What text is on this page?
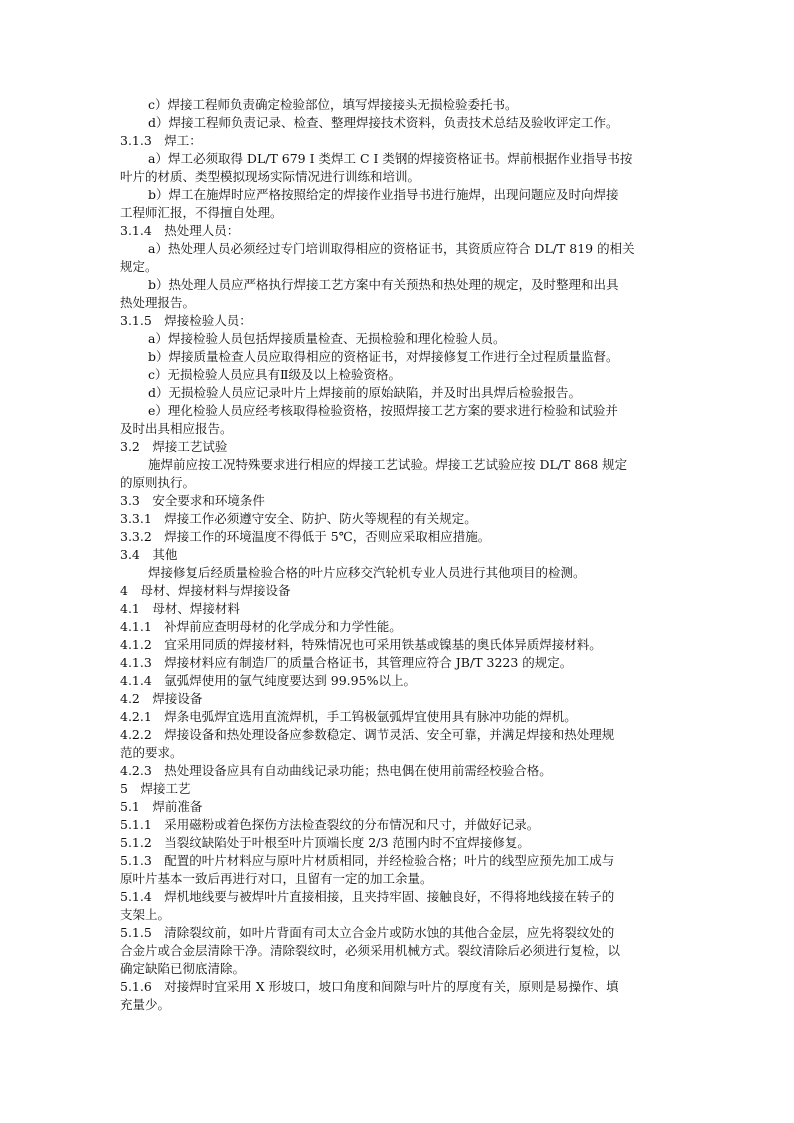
c）焊接工程师负责确定检验部位，填写焊接接头无损检验委托书。
d）焊接工程师负责记录、检查、整理焊接技术资料，负责技术总结及验收评定工作。
3.1.3　焊工：
a）焊工必须取得 DL/T 679 I 类焊工 C I 类钢的焊接资格证书。焊前根据作业指导书按
叶片的材质、类型模拟现场实际情况进行训练和培训。
b）焊工在施焊时应严格按照给定的焊接作业指导书进行施焊，出现问题应及时向焊接
工程师汇报，不得擅自处理。
3.1.4　热处理人员：
a）热处理人员必须经过专门培训取得相应的资格证书，其资质应符合 DL/T 819 的相关
规定。
b）热处理人员应严格执行焊接工艺方案中有关预热和热处理的规定，及时整理和出具
热处理报告。
3.1.5　焊接检验人员：
a）焊接检验人员包括焊接质量检查、无损检验和理化检验人员。
b）焊接质量检查人员应取得相应的资格证书，对焊接修复工作进行全过程质量监督。
c）无损检验人员应具有Ⅱ级及以上检验资格。
d）无损检验人员应记录叶片上焊接前的原始缺陷，并及时出具焊后检验报告。
e）理化检验人员应经考核取得检验资格，按照焊接工艺方案的要求进行检验和试验并
及时出具相应报告。
3.2　焊接工艺试验
施焊前应按工况特殊要求进行相应的焊接工艺试验。焊接工艺试验应按 DL/T 868 规定
的原则执行。
3.3　安全要求和环境条件
3.3.1　焊接工作必须遵守安全、防护、防火等规程的有关规定。
3.3.2　焊接工作的环境温度不得低于 5℃，否则应采取相应措施。
3.4　其他
焊接修复后经质量检验合格的叶片应移交汽轮机专业人员进行其他项目的检测。
4　母材、焊接材料与焊接设备
4.1　母材、焊接材料
4.1.1　补焊前应查明母材的化学成分和力学性能。
4.1.2　宜采用同质的焊接材料，特殊情况也可采用铁基或镍基的奥氏体异质焊接材料。
4.1.3　焊接材料应有制造厂的质量合格证书，其管理应符合 JB/T 3223 的规定。
4.1.4　氩弧焊使用的氩气纯度要达到 99.95%以上。
4.2　焊接设备
4.2.1　焊条电弧焊宜选用直流焊机，手工钨极氩弧焊宜使用具有脉冲功能的焊机。
4.2.2　焊接设备和热处理设备应参数稳定、调节灵活、安全可靠，并满足焊接和热处理规
范的要求。
4.2.3　热处理设备应具有自动曲线记录功能；热电偶在使用前需经校验合格。
5　焊接工艺
5.1　焊前准备
5.1.1　采用磁粉或着色探伤方法检查裂纹的分布情况和尺寸，并做好记录。
5.1.2　当裂纹缺陷处于叶根至叶片顶端长度 2/3 范围内时不宜焊接修复。
5.1.3　配置的叶片材料应与原叶片材质相同，并经检验合格；叶片的线型应预先加工成与
原叶片基本一致后再进行对口，且留有一定的加工余量。
5.1.4　焊机地线要与被焊叶片直接相接，且夹持牢固、接触良好，不得将地线接在转子的
支架上。
5.1.5　清除裂纹前，如叶片背面有司太立合金片或防水蚀的其他合金层，应先将裂纹处的
合金片或合金层清除干净。清除裂纹时，必须采用机械方式。裂纹清除后必须进行复检，以
确定缺陷已彻底清除。
5.1.6　对接焊时宜采用 X 形坡口，坡口角度和间隙与叶片的厚度有关，原则是易操作、填
充量少。
